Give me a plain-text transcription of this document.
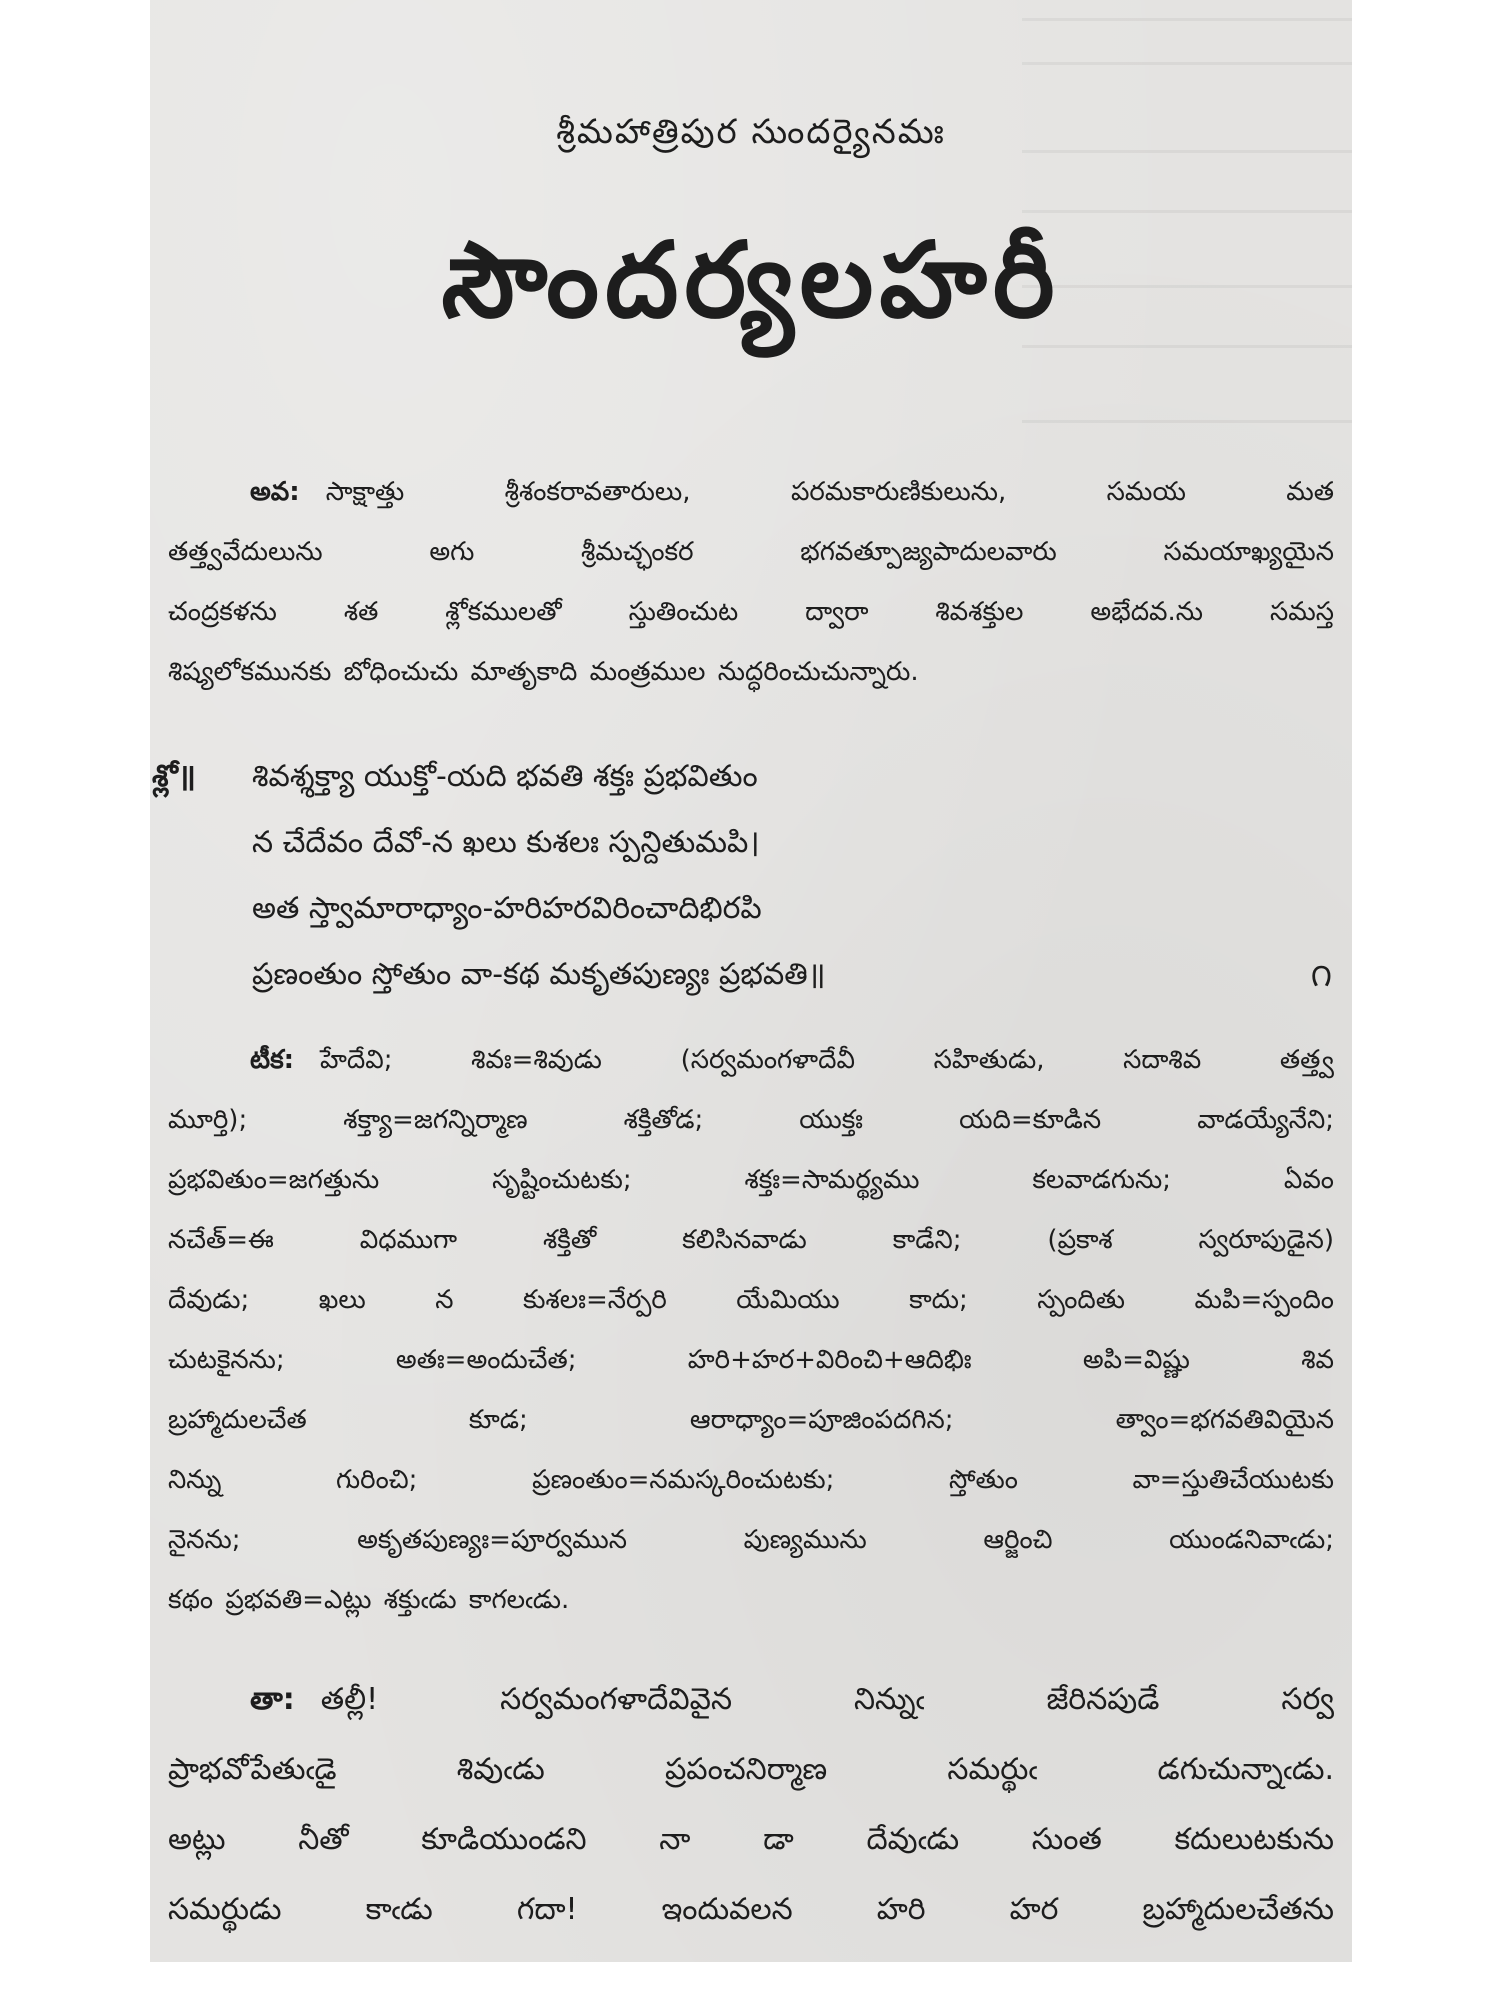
శ్రీమహాత్రిపుర సుందర్యైనమః
సౌందర్యలహరీ
అవ: సాక్షాత్తు శ్రీశంకరావతారులు, పరమకారుణికులును, సమయ మత
తత్త్వవేదులును అగు శ్రీమచ్ఛంకర భగవత్పూజ్యపాదులవారు సమయాఖ్యయైన
చంద్రకళను శత శ్లోకములతో స్తుతించుట ద్వారా శివశక్తుల అభేదవ.ను సమస్త
శిష్యలోకమునకు బోధించుచు మాతృకాది మంత్రముల నుద్ధరించుచున్నారు.
శ్లో॥ శివశ్శక్త్యా యుక్తో-యది భవతి శక్తః ప్రభవితుం
న చేదేవం దేవో-న ఖలు కుశలః స్పన్దితుమపి।
అత స్త్వామారాధ్యాం-హరిహరవిరించాదిభిరపి
ప్రణంతుం స్తోతుం వా-కథ మకృతపుణ్యః ప్రభవతి॥	౧
టీక: హేదేవి; శివః=శివుడు (సర్వమంగళాదేవీ సహితుడు, సదాశివ తత్త్వ
మూర్తి); శక్త్యా=జగన్నిర్మాణ శక్తితోడ; యుక్తః యది=కూడిన వాడయ్యేనేని;
ప్రభవితుం=జగత్తును సృష్టించుటకు; శక్తః=సామర్థ్యము కలవాడగును; ఏవం
నచేత్=ఈ విధముగా శక్తితో కలిసినవాడు కాడేని; (ప్రకాశ స్వరూపుడైన)
దేవుడు; ఖలు న కుశలః=నేర్పరి యేమియు కాదు; స్పందితు మపి=స్పందిం
చుటకైనను; అతః=అందుచేత; హరి+హర+విరించి+ఆదిభిః అపి=విష్ణు శివ
బ్రహ్మాదులచేత కూడ; ఆరాధ్యాం=పూజింపదగిన; త్వాం=భగవతివియైన
నిన్ను గురించి; ప్రణంతుం=నమస్కరించుటకు; స్తోతుం వా=స్తుతిచేయుటకు
నైనను; అకృతపుణ్యః=పూర్వమున పుణ్యమును ఆర్జించి యుండనివాఁడు;
కథం ప్రభవతి=ఎట్లు శక్తుఁడు కాగలఁడు.
తా: తల్లీ! సర్వమంగళాదేవివైన నిన్నుఁ జేరినపుడే సర్వ
ప్రాభవోపేతుఁడై శివుఁడు ప్రపంచనిర్మాణ సమర్థుఁ డగుచున్నాఁడు.
అట్లు నీతో కూడియుండని నా డా దేవుఁడు సుంత కదులుటకును
సమర్థుడు కాఁడు గదా! ఇందువలన హరి హర బ్రహ్మాదులచేతను
